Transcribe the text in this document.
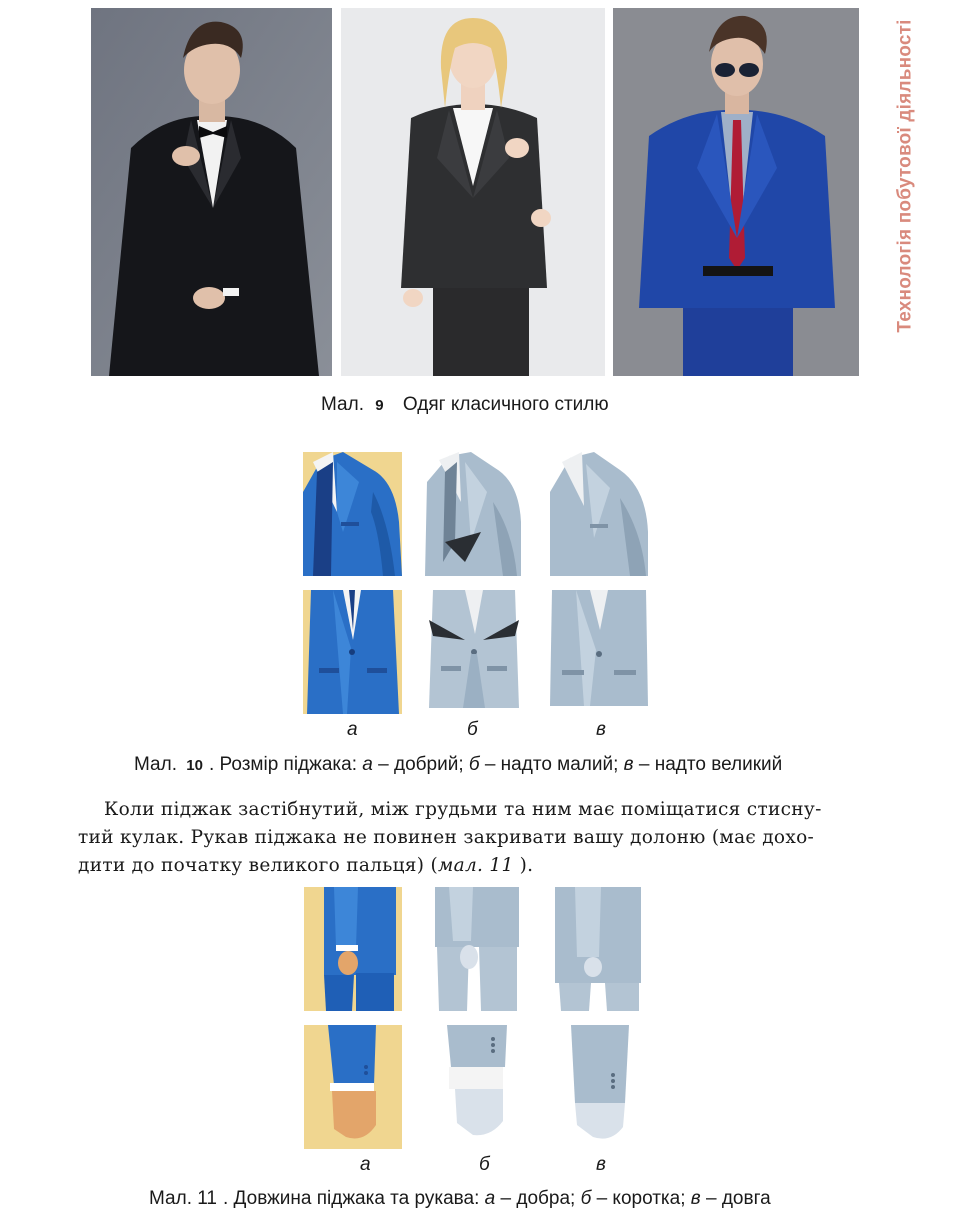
Технологія побутової діяльності
Мал. 9 Одяг класичного стилю
а	б	в
Мал. 10 . Розмір піджака: а – добрий; б – надто малий; в – надто великий

Коли піджак застібнутий, між грудьми та ним має поміщатися стисну-

тий кулак. Рукав піджака не повинен закривати вашу долоню (має дохо-

дити до початку великого пальця) (мал. 11 ).

а	б	в
Мал. 11 . Довжина піджака та рукава: а – добра; б – коротка; в – довга
